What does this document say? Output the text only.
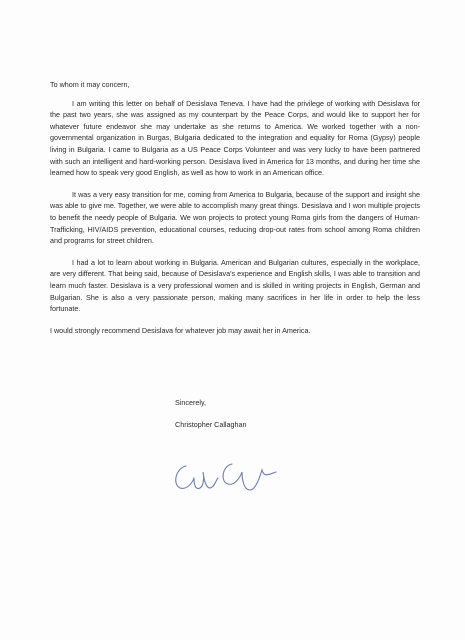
To whom it may concern,

I am writing this letter on behalf of Desislava Teneva. I have had the privilege of working with Desislava for the past two years, she was assigned as my counterpart by the Peace Corps, and would like to support her for whatever future endeavor she may undertake as she returns to America. We worked together with a non-governmental organization in Burgas, Bulgaria dedicated to the integration and equality for Roma (Gypsy) people living in Bulgaria. I came to Bulgaria as a US Peace Corps Volunteer and was very lucky to have been partnered with such an intelligent and hard-working person. Desislava lived in America for 13 months, and during her time she learned how to speak very good English, as well as how to work in an American office.

It was a very easy transition for me, coming from America to Bulgaria, because of the support and insight she was able to give me. Together, we were able to accomplish many great things. Desislava and I won multiple projects to benefit the needy people of Bulgaria. We won projects to protect young Roma girls from the dangers of Human-Trafficking, HIV/AIDS prevention, educational courses, reducing drop-out rates from school among Roma children and programs for street children.

I had a lot to learn about working in Bulgaria. American and Bulgarian cultures, especially in the workplace, are very different. That being said, because of Desislava's experience and English skills, I was able to transition and learn much faster. Desislava is a very professional women and is skilled in writing projects in English, German and Bulgarian. She is also a very passionate person, making many sacrifices in her life in order to help the less fortunate.

I would strongly recommend Desislava for whatever job may await her in America.

Sincerely,
Christopher Callaghan
